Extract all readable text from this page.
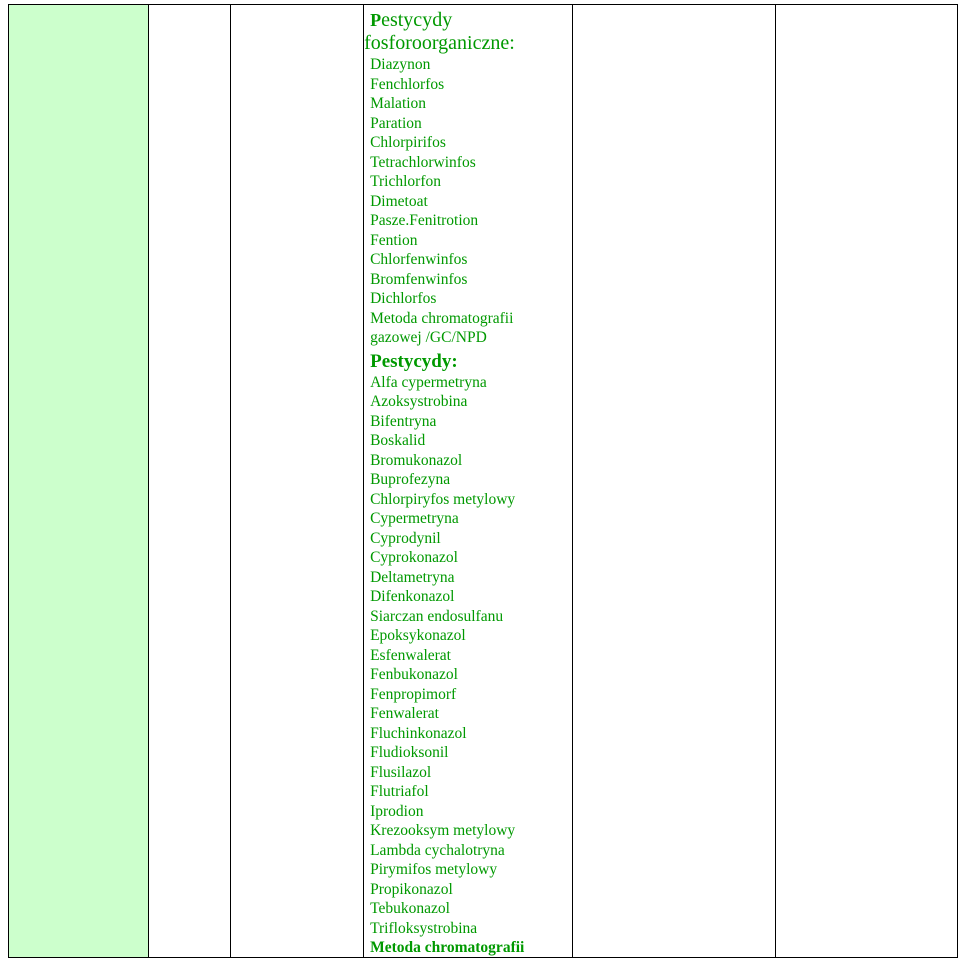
Pestycydy
fosforoorganiczne:
Diazynon
Fenchlorfos
Malation
Paration
Chlorpirifos
Tetrachlorwinfos
Trichlorfon
Dimetoat
Pasze.Fenitrotion
Fention
Chlorfenwinfos
Bromfenwinfos
Dichlorfos
Metoda chromatografii
gazowej /GC/NPD
Pestycydy:
Alfa cypermetryna
Azoksystrobina
Bifentryna
Boskalid
Bromukonazol
Buprofezyna
Chlorpiryfos metylowy
Cypermetryna
Cyprodynil
Cyprokonazol
Deltametryna
Difenkonazol
Siarczan endosulfanu
Epoksykonazol
Esfenwalerat
Fenbukonazol
Fenpropimorf
Fenwalerat
Fluchinkonazol
Fludioksonil
Flusilazol
Flutriafol
Iprodion
Krezooksym metylowy
Lambda cychalotryna
Pirymifos metylowy
Propikonazol
Tebukonazol
Trifloksystrobina
Metoda chromatografii
